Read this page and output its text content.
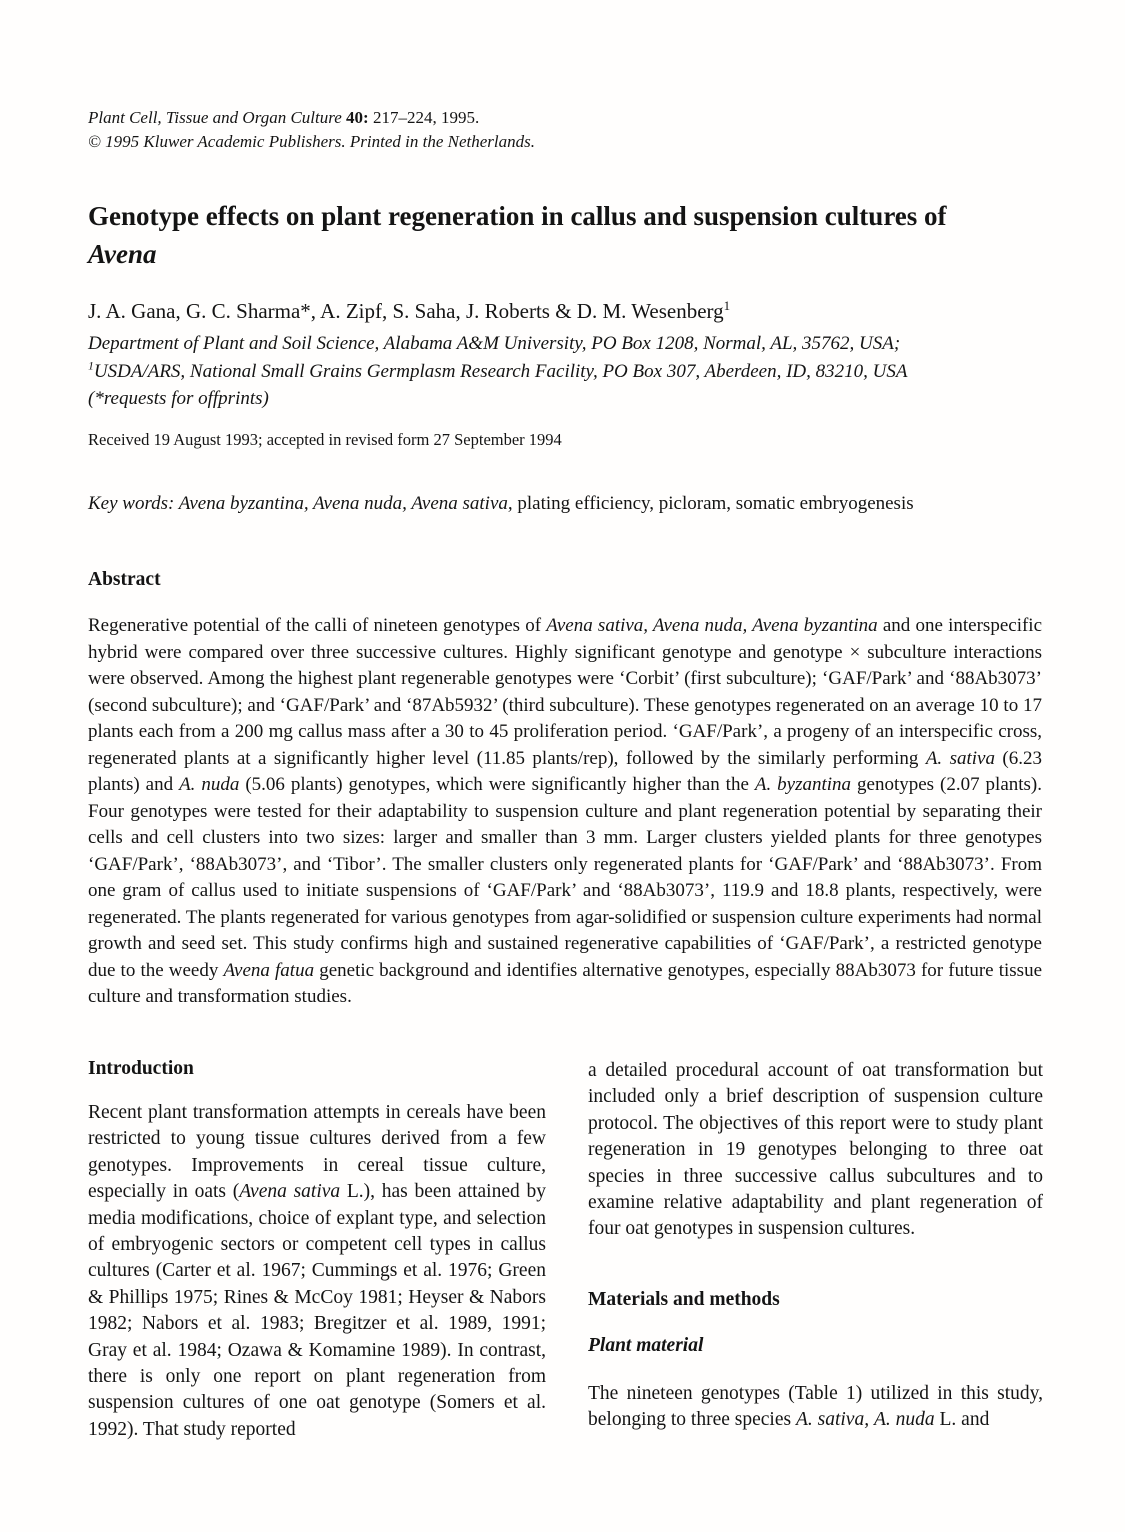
Plant Cell, Tissue and Organ Culture 40: 217–224, 1995.
© 1995 Kluwer Academic Publishers. Printed in the Netherlands.
Genotype effects on plant regeneration in callus and suspension cultures of
Avena
J. A. Gana, G. C. Sharma*, A. Zipf, S. Saha, J. Roberts & D. M. Wesenberg$^1$
Department of Plant and Soil Science, Alabama A&M University, PO Box 1208, Normal, AL, 35762, USA;
$^1$USDA/ARS, National Small Grains Germplasm Research Facility, PO Box 307, Aberdeen, ID, 83210, USA
(*requests for offprints)
Received 19 August 1993; accepted in revised form 27 September 1994
Key words: Avena byzantina, Avena nuda, Avena sativa, plating efficiency, picloram, somatic embryogenesis
Abstract
Regenerative potential of the calli of nineteen genotypes of Avena sativa, Avena nuda, Avena byzantina and one interspecific hybrid were compared over three successive cultures. Highly significant genotype and genotype × subculture interactions were observed. Among the highest plant regenerable genotypes were ‘Corbit’ (first subculture); ‘GAF/Park’ and ‘88Ab3073’ (second subculture); and ‘GAF/Park’ and ‘87Ab5932’ (third subculture). These genotypes regenerated on an average 10 to 17 plants each from a 200 mg callus mass after a 30 to 45 proliferation period. ‘GAF/Park’, a progeny of an interspecific cross, regenerated plants at a significantly higher level (11.85 plants/rep), followed by the similarly performing A. sativa (6.23 plants) and A. nuda (5.06 plants) genotypes, which were significantly higher than the A. byzantina genotypes (2.07 plants). Four genotypes were tested for their adaptability to suspension culture and plant regeneration potential by separating their cells and cell clusters into two sizes: larger and smaller than 3 mm. Larger clusters yielded plants for three genotypes ‘GAF/Park’, ‘88Ab3073’, and ‘Tibor’. The smaller clusters only regenerated plants for ‘GAF/Park’ and ‘88Ab3073’. From one gram of callus used to initiate suspensions of ‘GAF/Park’ and ‘88Ab3073’, 119.9 and 18.8 plants, respectively, were regenerated. The plants regenerated for various genotypes from agar-solidified or suspension culture experiments had normal growth and seed set. This study confirms high and sustained regenerative capabilities of ‘GAF/Park’, a restricted genotype due to the weedy Avena fatua genetic background and identifies alternative genotypes, especially 88Ab3073 for future tissue culture and transformation studies.
Introduction

Recent plant transformation attempts in cereals have been restricted to young tissue cultures derived from a few genotypes. Improvements in cereal tissue culture, especially in oats (Avena sativa L.), has been attained by media modifications, choice of explant type, and selection of embryogenic sectors or competent cell types in callus cultures (Carter et al. 1967; Cummings et al. 1976; Green & Phillips 1975; Rines & McCoy 1981; Heyser & Nabors 1982; Nabors et al. 1983; Bregitzer et al. 1989, 1991; Gray et al. 1984; Ozawa & Komamine 1989). In contrast, there is only one report on plant regeneration from suspension cultures of one oat genotype (Somers et al. 1992). That study reported

a detailed procedural account of oat transformation but included only a brief description of suspension culture protocol. The objectives of this report were to study plant regeneration in 19 genotypes belonging to three oat species in three successive callus subcultures and to examine relative adaptability and plant regeneration of four oat genotypes in suspension cultures.

Materials and methods
Plant material

The nineteen genotypes (Table 1) utilized in this study, belonging to three species A. sativa, A. nuda L. and
